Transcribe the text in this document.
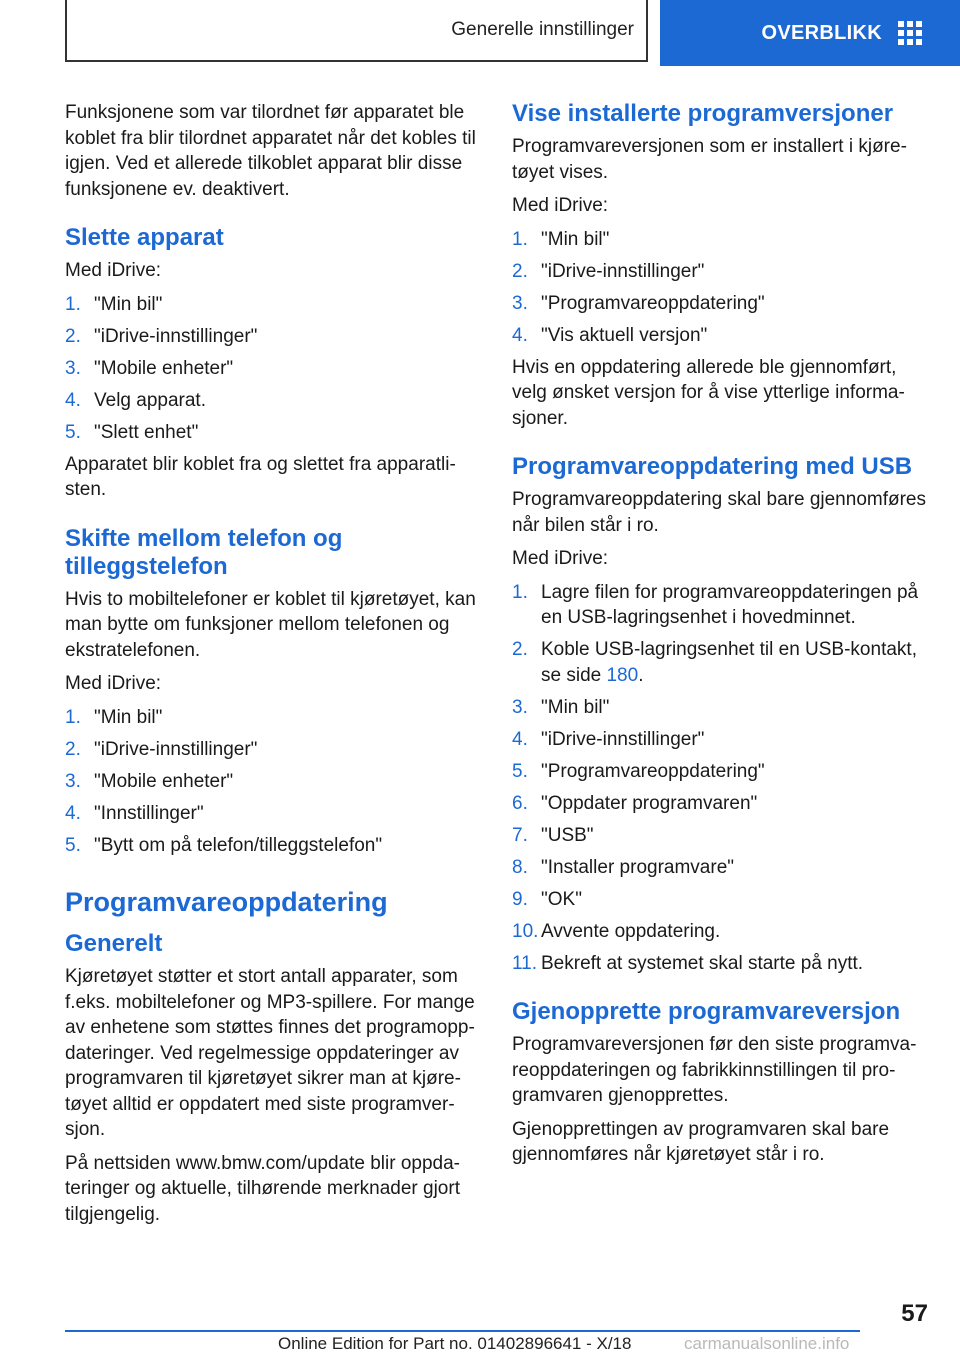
Generelle innstillinger	OVERBLIKK

Funksjonene som var tilordnet før apparatet ble koblet fra blir tilordnet apparatet når det kobles til igjen. Ved et allerede tilkoblet apparat blir disse funksjonene ev. deaktivert.

Slette apparat

Med iDrive:

1. "Min bil"
2. "iDrive-innstillinger"
3. "Mobile enheter"
4. Velg apparat.
5. "Slett enhet"

Apparatet blir koblet fra og slettet fra apparatlisten.

Skifte mellom telefon og
tilleggstelefon

Hvis to mobiltelefoner er koblet til kjøretøyet, kan man bytte om funksjoner mellom telefonen og ekstratelefonen.

Med iDrive:

1. "Min bil"
2. "iDrive-innstillinger"
3. "Mobile enheter"
4. "Innstillinger"
5. "Bytt om på telefon/tilleggstelefon"
Programvareoppdatering
Generelt

Kjøretøyet støtter et stort antall apparater, som f.eks. mobiltelefoner og MP3-spillere. For mange av enhetene som støttes finnes det programoppdateringer. Ved regelmessige oppdateringer av programvaren til kjøretøyet sikrer man at kjøretøyet alltid er oppdatert med siste programversjon.

På nettsiden www.bmw.com/update blir oppdateringer og aktuelle, tilhørende merknader gjort tilgjengelig.

Vise installerte programversjoner

Programvareversjonen som er installert i kjøretøyet vises.

Med iDrive:

1. "Min bil"
2. "iDrive-innstillinger"
3. "Programvareoppdatering"
4. "Vis aktuell versjon"

Hvis en oppdatering allerede ble gjennomført, velg ønsket versjon for å vise ytterlige informasjoner.

Programvareoppdatering med USB

Programvareoppdatering skal bare gjennomføres når bilen står i ro.

Med iDrive:

1. Lagre filen for programvareoppdateringen på en USB-lagringsenhet i hovedminnet.
2. Koble USB-lagringsenhet til en USB-kontakt, se side 180.
3. "Min bil"
4. "iDrive-innstillinger"
5. "Programvareoppdatering"
6. "Oppdater programvaren"
7. "USB"
8. "Installer programvare"
9. "OK"
10. Avvente oppdatering.
11. Bekreft at systemet skal starte på nytt.
Gjenopprette programvareversjon

Programvareversjonen før den siste programvareoppdateringen og fabrikkinnstillingen til programvaren gjenopprettes.

Gjenopprettingen av programvaren skal bare gjennomføres når kjøretøyet står i ro.

57
Online Edition for Part no. 01402896641 - X/18	carmanualsonline.info
